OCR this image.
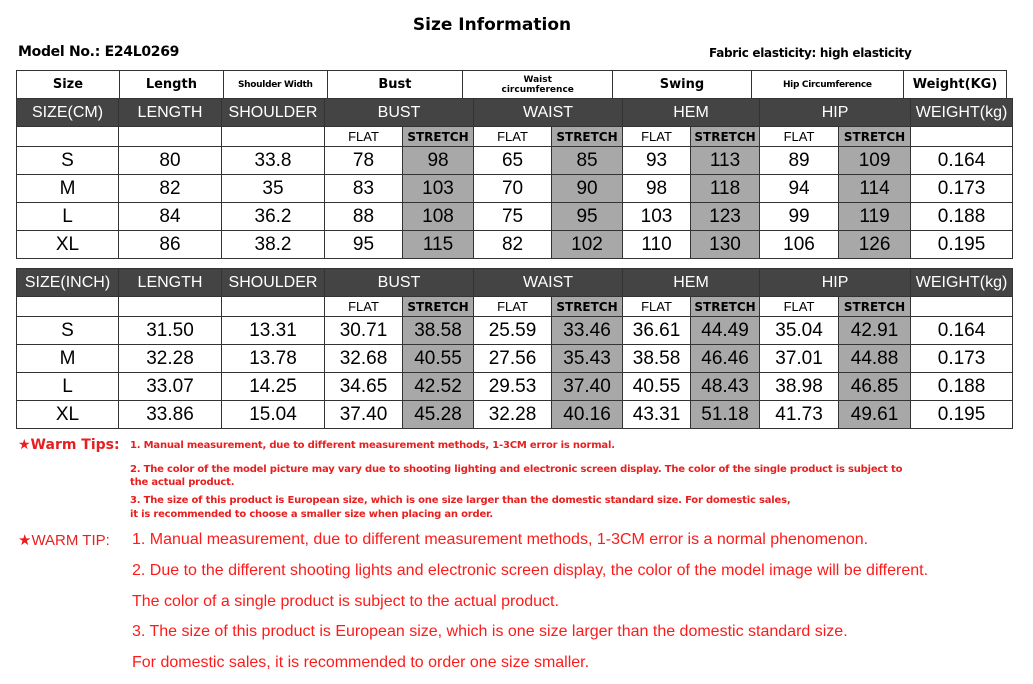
Size Information
Model No.: E24L0269	Fabric elasticity: high elasticity
Size	Length	Shoulder Width	Bust	Waist
circumference	Swing	Hip Circumference	Weight(KG)
SIZE(CM)	LENGTH	SHOULDER	BUST		WAIST		HEM		HIP		WEIGHT(kg)
			FLAT	STRETCH	FLAT	STRETCH	FLAT	STRETCH	FLAT	STRETCH	
S	80	33.8	78	98	65	85	93	113	89	109	0.164
M	82	35	83	103	70	90	98	118	94	114	0.173
L	84	36.2	88	108	75	95	103	123	99	119	0.188
XL	86	38.2	95	115	82	102	110	130	106	126	0.195
SIZE(INCH)	LENGTH	SHOULDER	BUST		WAIST		HEM		HIP		WEIGHT(kg)
			FLAT	STRETCH	FLAT	STRETCH	FLAT	STRETCH	FLAT	STRETCH	
S	31.50	13.31	30.71	38.58	25.59	33.46	36.61	44.49	35.04	42.91	0.164
M	32.28	13.78	32.68	40.55	27.56	35.43	38.58	46.46	37.01	44.88	0.173
L	33.07	14.25	34.65	42.52	29.53	37.40	40.55	48.43	38.98	46.85	0.188
XL	33.86	15.04	37.40	45.28	32.28	40.16	43.31	51.18	41.73	49.61	0.195
★Warm Tips: 1. Manual measurement, due to different measurement methods, 1-3CM error is normal.
2. The color of the model picture may vary due to shooting lighting and electronic screen display. The color of the single product is subject to
the actual product.
3. The size of this product is European size, which is one size larger than the domestic standard size. For domestic sales,
it is recommended to choose a smaller size when placing an order.
★WARM TIP: 1. Manual measurement, due to different measurement methods, 1-3CM error is a normal phenomenon.
2. Due to the different shooting lights and electronic screen display, the color of the model image will be different.
The color of a single product is subject to the actual product.
3. The size of this product is European size, which is one size larger than the domestic standard size.
For domestic sales, it is recommended to order one size smaller.
